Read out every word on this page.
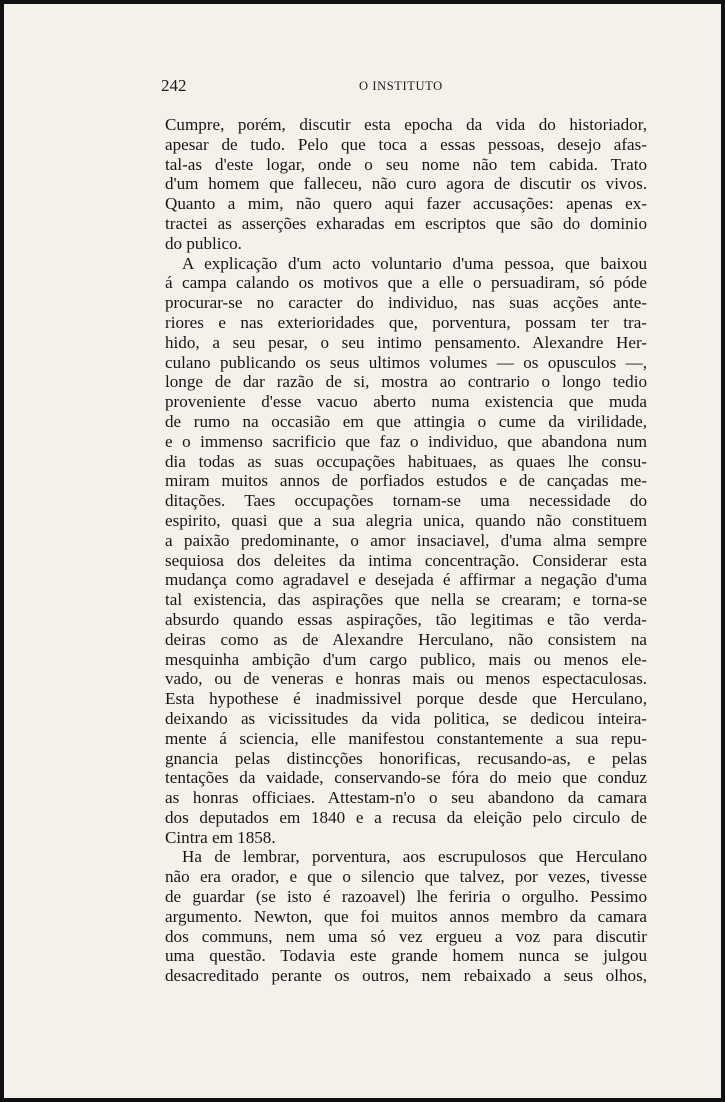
242	O INSTITUTO
Cumpre, porém, discutir esta epocha da vida do historiador,
apesar de tudo. Pelo que toca a essas pessoas, desejo afas-
tal-as d'este logar, onde o seu nome não tem cabida. Trato
d'um homem que falleceu, não curo agora de discutir os vivos.
Quanto a mim, não quero aqui fazer accusações: apenas ex-
tractei as asserções exharadas em escriptos que são do dominio
do publico.
A explicação d'um acto voluntario d'uma pessoa, que baixou
á campa calando os motivos que a elle o persuadiram, só póde
procurar-se no caracter do individuo, nas suas acções ante-
riores e nas exterioridades que, porventura, possam ter tra-
hido, a seu pesar, o seu intimo pensamento. Alexandre Her-
culano publicando os seus ultimos volumes — os opusculos —,
longe de dar razão de si, mostra ao contrario o longo tedio
proveniente d'esse vacuo aberto numa existencia que muda
de rumo na occasião em que attingia o cume da virilidade,
e o immenso sacrificio que faz o individuo, que abandona num
dia todas as suas occupações habituaes, as quaes lhe consu-
miram muitos annos de porfiados estudos e de cançadas me-
ditações. Taes occupações tornam-se uma necessidade do
espirito, quasi que a sua alegria unica, quando não constituem
a paixão predominante, o amor insaciavel, d'uma alma sempre
sequiosa dos deleites da intima concentração. Considerar esta
mudança como agradavel e desejada é affirmar a negação d'uma
tal existencia, das aspirações que nella se crearam; e torna-se
absurdo quando essas aspirações, tão legitimas e tão verda-
deiras como as de Alexandre Herculano, não consistem na
mesquinha ambição d'um cargo publico, mais ou menos ele-
vado, ou de veneras e honras mais ou menos espectaculosas.
Esta hypothese é inadmissivel porque desde que Herculano,
deixando as vicissitudes da vida politica, se dedicou inteira-
mente á sciencia, elle manifestou constantemente a sua repu-
gnancia pelas distincções honorificas, recusando-as, e pelas
tentações da vaidade, conservando-se fóra do meio que conduz
as honras officiaes. Attestam-n'o o seu abandono da camara
dos deputados em 1840 e a recusa da eleição pelo circulo de
Cintra em 1858.
Ha de lembrar, porventura, aos escrupulosos que Herculano
não era orador, e que o silencio que talvez, por vezes, tivesse
de guardar (se isto é razoavel) lhe feriria o orgulho. Pessimo
argumento. Newton, que foi muitos annos membro da camara
dos communs, nem uma só vez ergueu a voz para discutir
uma questão. Todavia este grande homem nunca se julgou
desacreditado perante os outros, nem rebaixado a seus olhos,
